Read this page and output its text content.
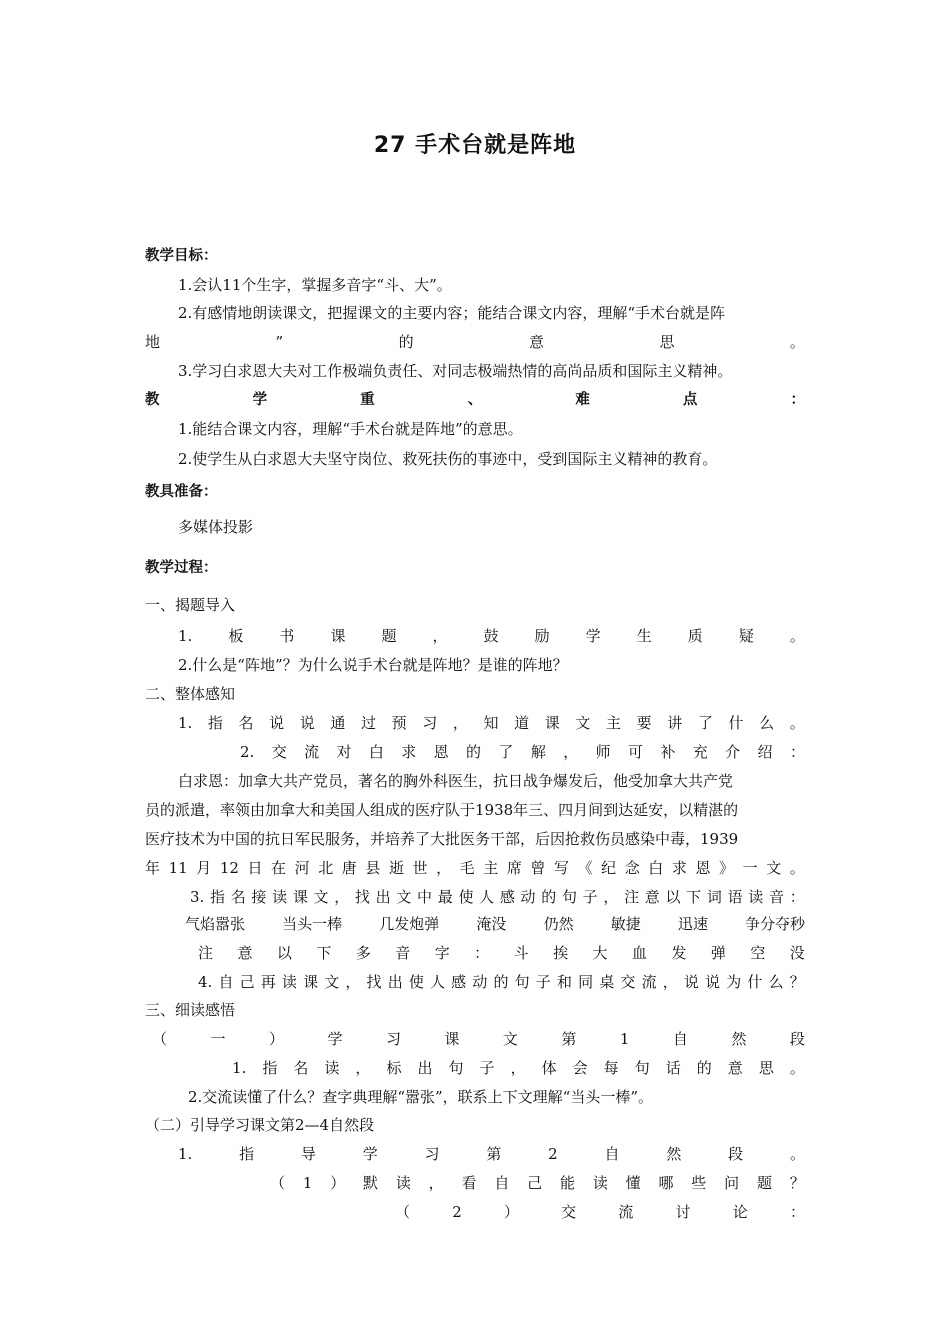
27 手术台就是阵地
教学目标：
1.会认11个生字，掌握多音字“斗、大”。
2.有感情地朗读课文，把握课文的主要内容；能结合课文内容，理解“手术台就是阵
地	”	的	意	思	。
3.学习白求恩大夫对工作极端负责任、对同志极端热情的高尚品质和国际主义精神。
教	学	重	、	难	点	：
1.能结合课文内容，理解“手术台就是阵地”的意思。
2.使学生从白求恩大夫坚守岗位、救死扶伤的事迹中，受到国际主义精神的教育。
教具准备：
多媒体投影
教学过程：
一、揭题导入
1. 板 书 课 题 ， 鼓 励 学 生 质 疑 。
2.什么是“阵地”？为什么说手术台就是阵地？是谁的阵地？
二、整体感知
1. 指 名 说 说 通 过 预 习 ， 知 道 课 文 主 要 讲 了 什 么 。
2. 交 流 对 白 求 恩 的 了 解 ， 师 可 补 充 介 绍 ：
白求恩：加拿大共产党员，著名的胸外科医生，抗日战争爆发后，他受加拿大共产党
员的派遣，率领由加拿大和美国人组成的医疗队于1938年三、四月间到达延安，以精湛的
医疗技术为中国的抗日军民服务，并培养了大批医务干部，后因抢救伤员感染中毒，1939
年 11 月 12 日 在 河 北 唐 县 逝 世 ， 毛 主 席 曾 写 《 纪 念 白 求 恩 》 一 文 。
3. 指 名 接 读 课 文 ， 找 出 文 中 最 使 人 感 动 的 句 子 ， 注 意 以 下 词 语 读 音 ：
气焰嚣张 当头一棒 几发炮弹 淹没 仍然 敏捷 迅速 争分夺秒
注 意 以 下 多 音 字 ： 斗 挨 大 血 发 弹 空 没
4. 自 己 再 读 课 文 ， 找 出 使 人 感 动 的 句 子 和 同 桌 交 流 ， 说 说 为 什 么 ？
三、细读感悟
（	一	）	学	习	课	文	第	1	自	然	段
1. 指 名 读 ， 标 出 句 子 ， 体 会 每 句 话 的 意 思 。
2.交流读懂了什么？查字典理解“嚣张”，联系上下文理解“当头一棒”。
（二）引导学习课文第2—4自然段
1.	指	导	学	习	第	2	自	然	段	。
（ 1 ） 默 读 ， 看 自 己 能 读 懂 哪 些 问 题 ？
（	2	）	交	流	讨	论	：
